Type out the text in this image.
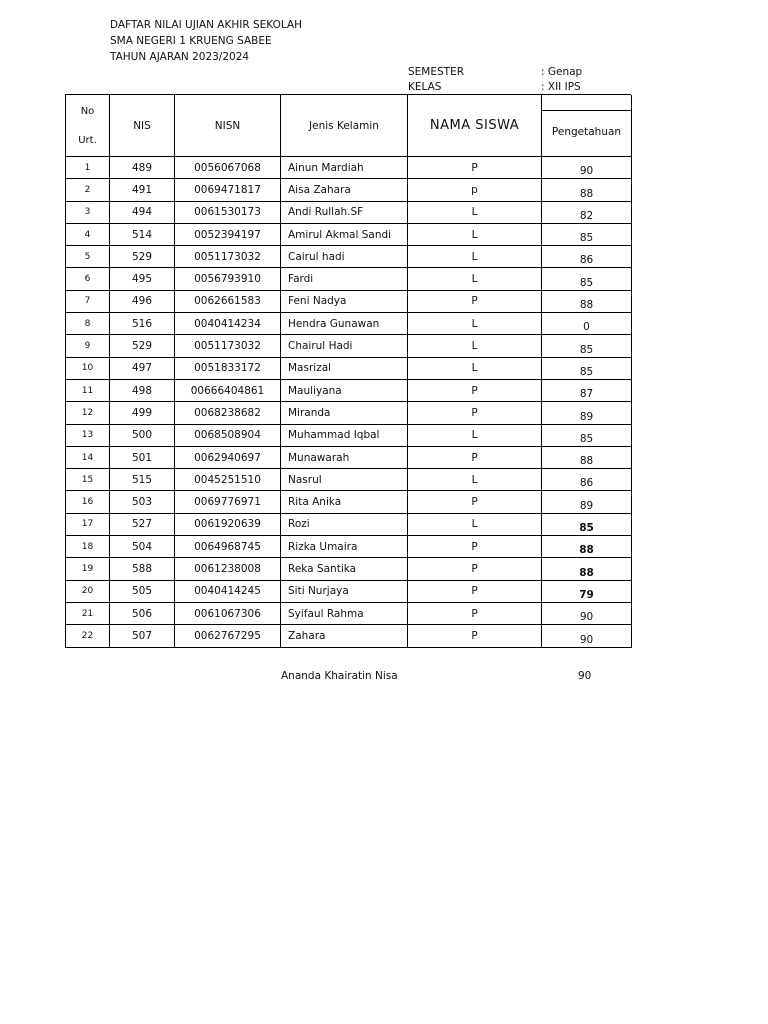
DAFTAR NILAI UJIAN AKHIR SEKOLAH
SMA NEGERI 1 KRUENG SABEE
TAHUN AJARAN 2023/2024
SEMESTER	: Genap
KELAS	: XII IPS
No
Urt.	NIS	NISN	Jenis Kelamin	NAMA SISWA	Pengetahuan
1	489	0056067068	Ainun Mardiah	P	90
2	491	0069471817	Aisa Zahara	p	88
3	494	0061530173	Andi Rullah.SF	L	82
4	514	0052394197	Amirul Akmal Sandi	L	85
5	529	0051173032	Cairul hadi	L	86
6	495	0056793910	Fardi	L	85
7	496	0062661583	Feni Nadya	P	88
8	516	0040414234	Hendra Gunawan	L	0
9	529	0051173032	Chairul Hadi	L	85
10	497	0051833172	Masrizal	L	85
11	498	00666404861	Mauliyana	P	87
12	499	0068238682	Miranda	P	89
13	500	0068508904	Muhammad Iqbal	L	85
14	501	0062940697	Munawarah	P	88
15	515	0045251510	Nasrul	L	86
16	503	0069776971	Rita Anika	P	89
17	527	0061920639	Rozi	L	85
18	504	0064968745	Rizka Umaira	P	88
19	588	0061238008	Reka Santika	P	88
20	505	0040414245	Siti Nurjaya	P	79
21	506	0061067306	Syifaul Rahma	P	90
22	507	0062767295	Zahara	P	90
Ananda Khairatin Nisa	90
